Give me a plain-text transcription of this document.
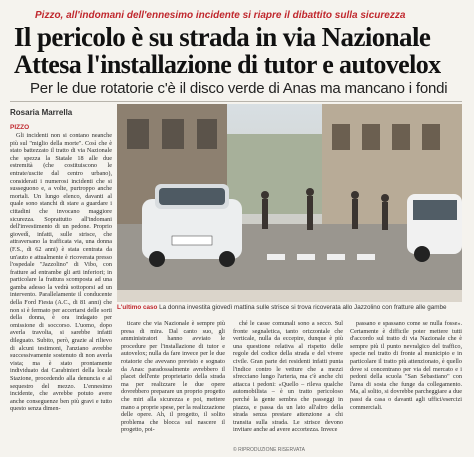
Pizzo, all'indomani dell'ennesimo incidente si riapre il dibattito sulla sicurezza
Il pericolo è su strada in via Nazionale
Attesa l'installazione di tutor e autovelox
Per le due rotatorie c'è il disco verde di Anas ma mancano i fondi
Rosaria Marrella
PIZZO

Gli incidenti non si contano neanche più sul "miglio della morte". Così che è stato battezzato il tratto di via Nazionale che spezza la Statale 18 alle due estremità (che costituiscono le entrate/uscite dal centro urbano), considerati i numerosi incidenti che si susseguono e, a volte, purtroppo anche mortali. Un lungo elenco, davanti al quale sono stanchi di stare a guardare i cittadini che invocano maggiore sicurezza. Soprattutto all'indomani dell'investimento di un pedone. Proprio giovedì, infatti, sulle strisce, che attraversano la trafficata via, una donna (F.S., di 62 anni) è stata centrata da un'auto e attualmente è ricoverata presso l'ospedale "Jazzolino" di Vibo, con fratture ad entrambe gli arti inferiori; in particolare la frattura scomposta ad una gamba adesso la vedrà sottoporsi ad un intervento. Parallelamente il conducente della Ford Fiesta (A.C., di 81 anni) che non si è fermato per accertarsi delle sorti della donna, è ora indagato per omissione di soccorso. L'uomo, dopo averla travolta, si sarebbe infatti dileguato. Subito, però, grazie al rilievo di alcuni testimoni, l'anziano avrebbe successivamente sostenuto di non averla vista; ma è stato prontamente individuato dai Carabinieri della locale Stazione, procedendo alla denuncia e al sequestro del mezzo. L'ennesimo incidente, che avrebbe potuto avere anche conseguenze ben più gravi e tutto questo senza dimen-

L'ultimo caso La donna investita giovedì mattina sulle strisce si trova ricoverata allo Jazzolino con fratture alle gambe

ticare che via Nazionale è sempre più presa di mira. Dal canto suo, gli amministratori hanno avviato le procedure per l'installazione di tutor e autovelox; nulla da fare invece per le due rotatorie che avevano previsto e sognato da Anas: paradossalmente avrebbero il placet dell'ente proprietario della strada ma per realizzare le due opere dovrebbero preparare un proprio progetto che miri alla sicurezza e poi, mettere mano a proprie spese, per la realizzazione delle opere. Ah, il progetto, il solito problema che blocca sul nascere il progetto, poi-

ché le casse comunali sono a secco. Sul fronte segnaletica, tanto orizzontale che verticale, nulla da eccepire, dunque è più una questione relativa al rispetto delle regole del codice della strada e del vivere civile. Gran parte dei residenti infatti punta l'indice contro le vetture che a mezzi sfrecciano lungo l'arteria, ma c'è anche chi attacca i pedoni: «Quello – rileva qualche automobilista – è un tratto pericoloso perché la gente sembra che passeggi in piazza, e passa da un lato all'altro della strada senza prestare attenzione a chi transita sulla strada. Le strisce devono invitare anche ad avere accortezza. Invece

passano e spassano come se nulla fosse». Certamente è difficile poter mettere tutti d'accordo sul tratto di via Nazionale che è sempre più il punto nevralgico del traffico, specie nel tratto di fronte al municipio e in particolare il tratto più attenzionato, è quello dove si concentrano per via del mercato e i pedoni della scuola "San Sebastiano" con l'area di sosta che funge da collegamento. Ma, al solito, si dovrebbe parcheggiare a due passi da casa o davanti agli uffici/esercizi commerciali.

© RIPRODUZIONE RISERVATA
